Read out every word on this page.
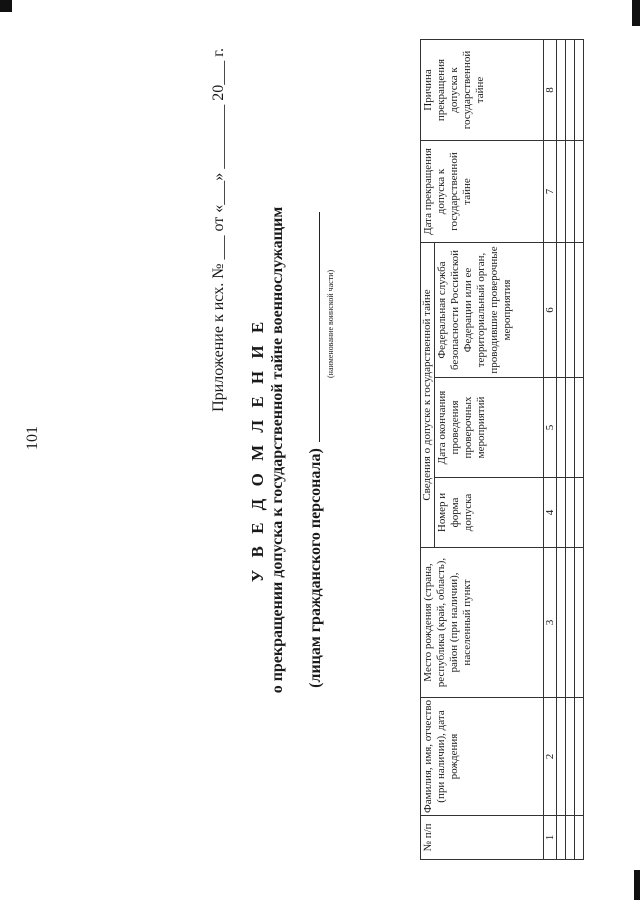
101
Приложение к исх. № ___ от «___» ________ 20___ г.
У В Е Д О М Л Е Н И Е о прекращении допуска к государственной тайне военнослужащим (лицам гражданского персонала)
(наименование воинской части)
№ п/п	Фамилия, имя, отчество (при наличии), дата рождения	Место рождения (страна, республика (край, область), район (при наличии), населенный пункт	Сведения о допуске к государственной тайне			Дата прекращения допуска к государственной тайне	Причина прекращения допуска к государственной тайне
			Номер и форма допуска	Дата окончания проведения проверочных мероприятий	Федеральная служба безопасности Российской Федерации или ее территориальный орган, проводившие проверочные мероприятия		
1	2	3	4	5	6	7	8
